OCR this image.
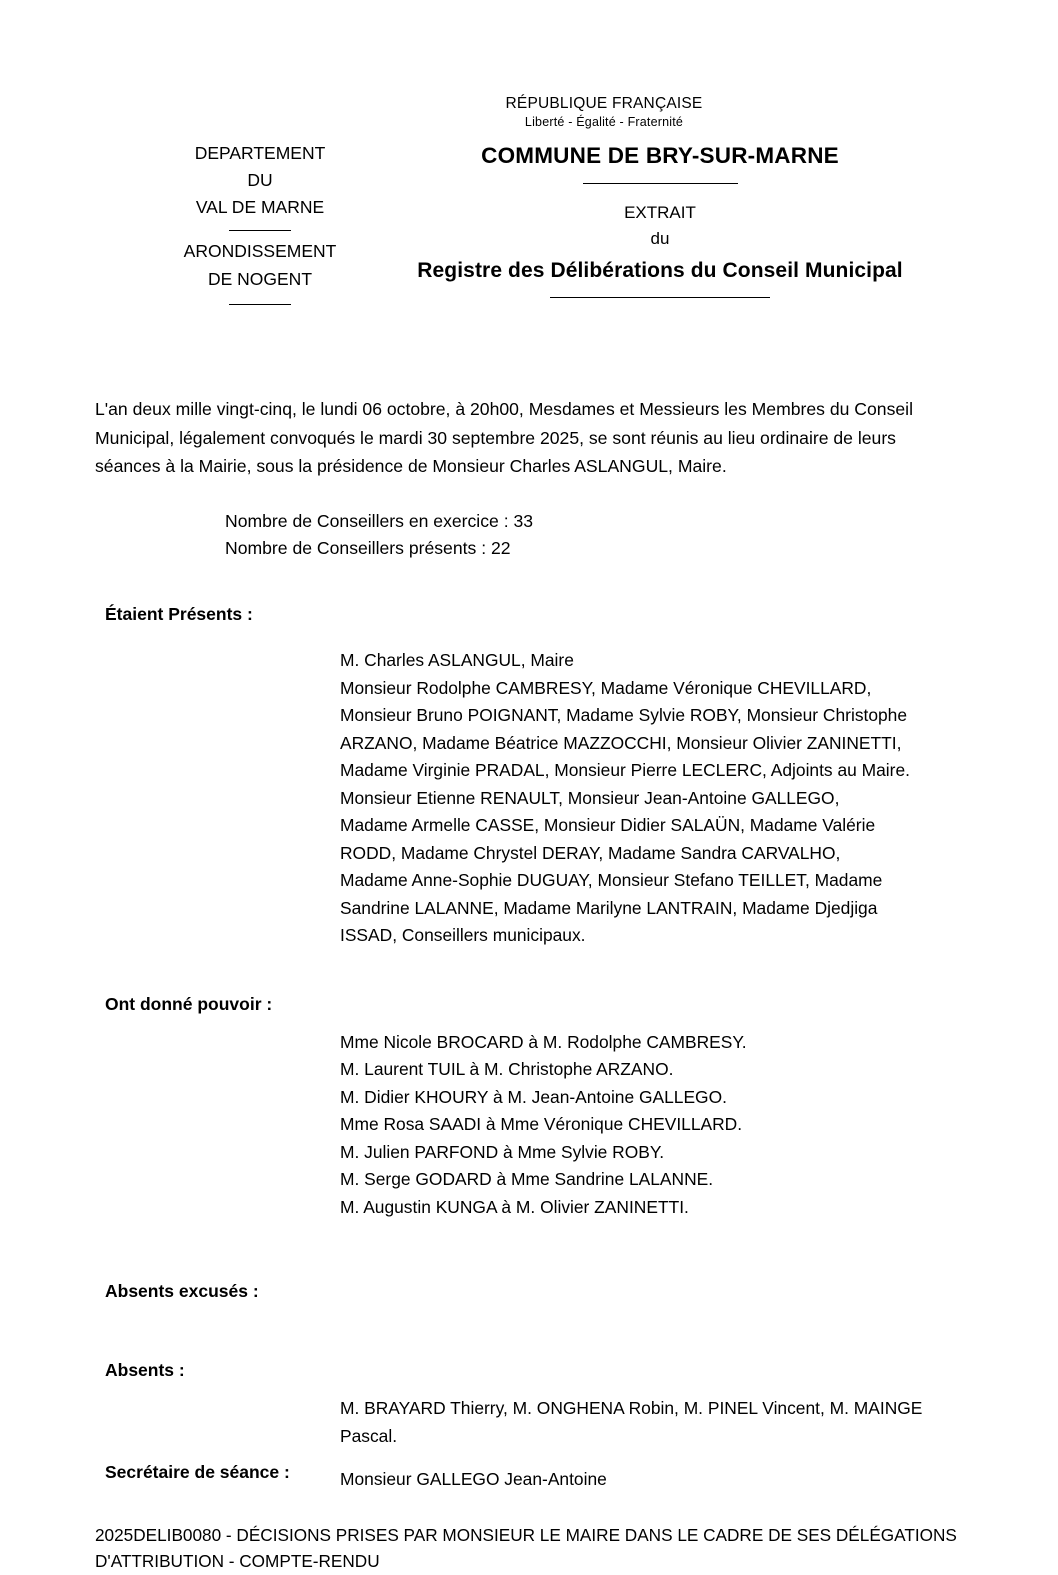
RÉPUBLIQUE FRANÇAISE
Liberté - Égalité - Fraternité
DEPARTEMENT
DU
VAL DE MARNE
ARONDISSEMENT
DE NOGENT
COMMUNE DE BRY-SUR-MARNE
EXTRAIT
du
Registre des Délibérations du Conseil Municipal
L'an deux mille vingt-cinq, le lundi 06 octobre, à 20h00, Mesdames et Messieurs les Membres du Conseil Municipal, légalement convoqués le mardi 30 septembre 2025, se sont réunis au lieu ordinaire de leurs séances à la Mairie, sous la présidence de Monsieur Charles ASLANGUL, Maire.
Nombre de Conseillers en exercice : 33
Nombre de Conseillers présents : 22
Étaient Présents :
M. Charles ASLANGUL, Maire
Monsieur Rodolphe CAMBRESY, Madame Véronique CHEVILLARD,
Monsieur Bruno POIGNANT, Madame Sylvie ROBY, Monsieur Christophe
ARZANO, Madame Béatrice MAZZOCCHI, Monsieur Olivier ZANINETTI,
Madame Virginie PRADAL, Monsieur Pierre LECLERC, Adjoints au Maire.
Monsieur Etienne RENAULT, Monsieur Jean-Antoine GALLEGO,
Madame Armelle CASSE, Monsieur Didier SALAÜN, Madame Valérie
RODD, Madame Chrystel DERAY, Madame Sandra CARVALHO,
Madame Anne-Sophie DUGUAY, Monsieur Stefano TEILLET, Madame
Sandrine LALANNE, Madame Marilyne LANTRAIN, Madame Djedjiga
ISSAD, Conseillers municipaux.
Ont donné pouvoir :
Mme Nicole BROCARD à M. Rodolphe CAMBRESY.
M. Laurent TUIL à M. Christophe ARZANO.
M. Didier KHOURY à M. Jean-Antoine GALLEGO.
Mme Rosa SAADI à Mme Véronique CHEVILLARD.
M. Julien PARFOND à Mme Sylvie ROBY.
M. Serge GODARD à Mme Sandrine LALANNE.
M. Augustin KUNGA à M. Olivier ZANINETTI.
Absents excusés :
Absents :
M. BRAYARD Thierry, M. ONGHENA Robin, M. PINEL Vincent, M. MAINGE
Pascal.
Secrétaire de séance :	Monsieur GALLEGO Jean-Antoine
2025DELIB0080 - DÉCISIONS PRISES PAR MONSIEUR LE MAIRE DANS LE CADRE DE SES DÉLÉGATIONS
D'ATTRIBUTION - COMPTE-RENDU
